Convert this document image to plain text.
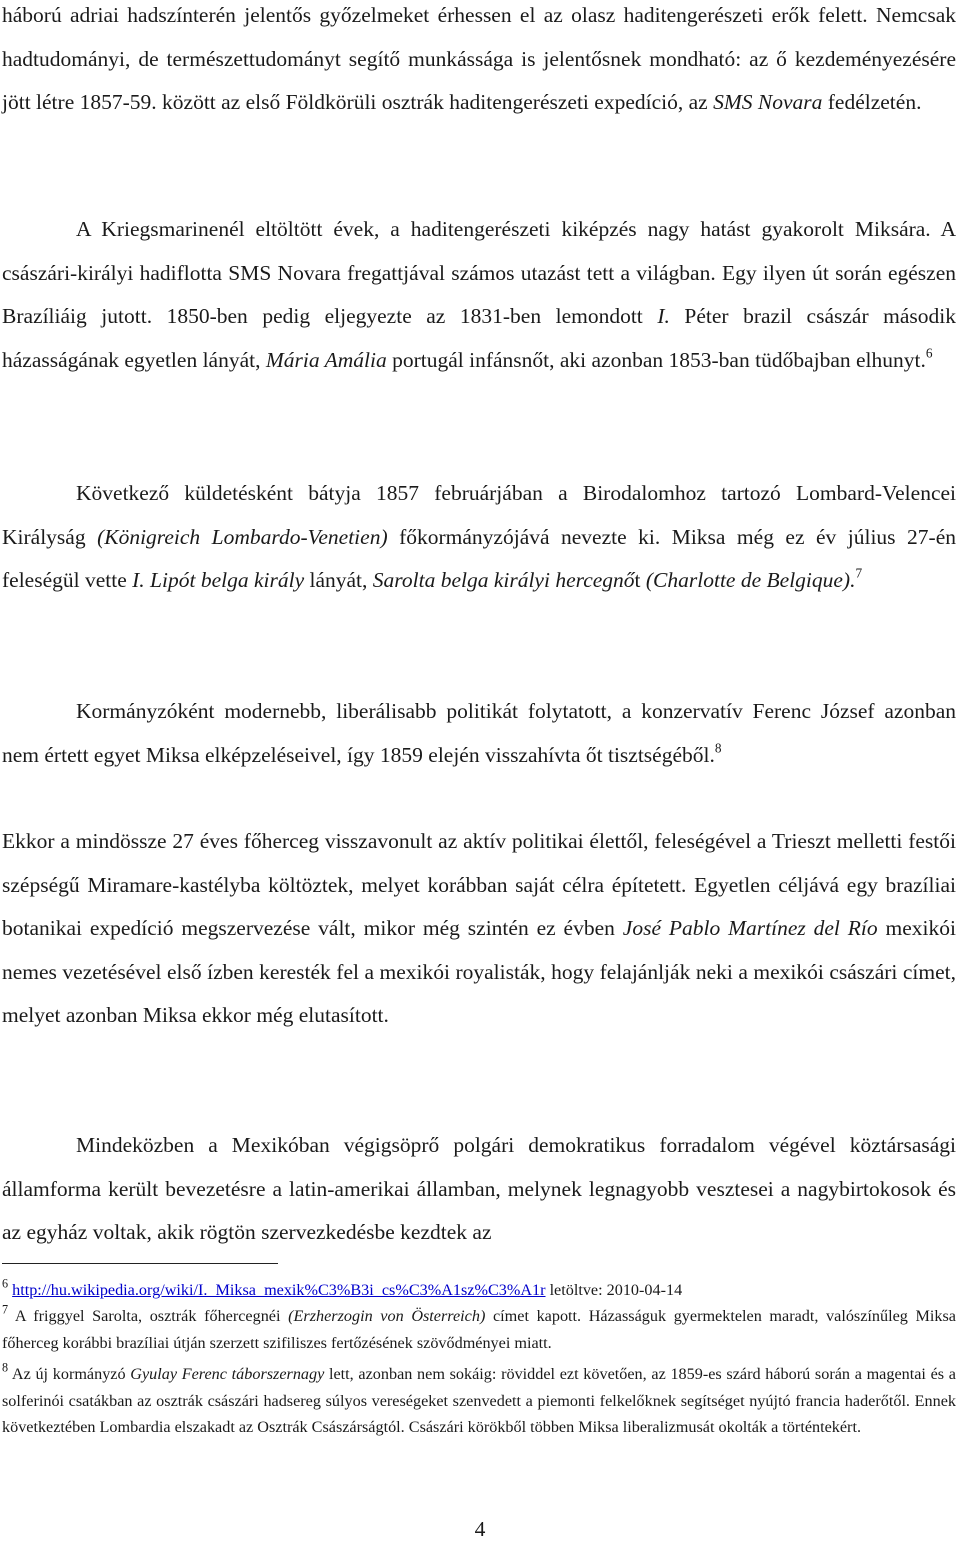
háború adriai hadszínterén jelentős győzelmeket érhessen el az olasz haditengerészeti erők felett. Nemcsak hadtudományi, de természettudományt segítő munkássága is jelentősnek mondható: az ő kezdeményezésére jött létre 1857-59. között az első Földkörüli osztrák haditengerészeti expedíció, az SMS Novara fedélzetén.

A Kriegsmarinenél eltöltött évek, a haditengerészeti kiképzés nagy hatást gyakorolt Miksára. A császári-királyi hadiflotta SMS Novara fregattjával számos utazást tett a világban. Egy ilyen út során egészen Brazíliáig jutott. 1850-ben pedig eljegyezte az 1831-ben lemondott I. Péter brazil császár második házasságának egyetlen lányát, Mária Amália portugál infánsnőt, aki azonban 1853-ban tüdőbajban elhunyt.$^6$

Következő küldetésként bátyja 1857 februárjában a Birodalomhoz tartozó Lombard-Velencei Királyság (Königreich Lombardo-Venetien) főkormányzójává nevezte ki. Miksa még ez év július 27-én feleségül vette I. Lipót belga király lányát, Sarolta belga királyi hercegnőt (Charlotte de Belgique).$^7$

Kormányzóként modernebb, liberálisabb politikát folytatott, a konzervatív Ferenc József azonban nem értett egyet Miksa elképzeléseivel, így 1859 elején visszahívta őt tisztségéből.$^8$

Ekkor a mindössze 27 éves főherceg visszavonult az aktív politikai élettől, feleségével a Trieszt melletti festői szépségű Miramare-kastélyba költöztek, melyet korábban saját célra építetett. Egyetlen céljává egy brazíliai botanikai expedíció megszervezése vált, mikor még szintén ez évben José Pablo Martínez del Río mexikói nemes vezetésével első ízben keresték fel a mexikói royalisták, hogy felajánlják neki a mexikói császári címet, melyet azonban Miksa ekkor még elutasított.

Mindeközben a Mexikóban végigsöprő polgári demokratikus forradalom végével köztársasági államforma került bevezetésre a latin-amerikai államban, melynek legnagyobb vesztesei a nagybirtokosok és az egyház voltak, akik rögtön szervezkedésbe kezdtek az

$^6$ http://hu.wikipedia.org/wiki/I._Miksa_mexik%C3%B3i_cs%C3%A1sz%C3%A1r letöltve: 2010-04-14

$^7$ A friggyel Sarolta, osztrák főhercegnéi (Erzherzogin von Österreich) címet kapott. Házasságuk gyermektelen maradt, valószínűleg Miksa főherceg korábbi brazíliai útján szerzett szifiliszes fertőzésének szövődményei miatt.

$^8$ Az új kormányzó Gyulay Ferenc táborszernagy lett, azonban nem sokáig: röviddel ezt követően, az 1859-es szárd háború során a magentai és a solferinói csatákban az osztrák császári hadsereg súlyos vereségeket szenvedett a piemonti felkelőknek segítséget nyújtó francia haderőtől. Ennek következtében Lombardia elszakadt az Osztrák Császárságtól. Császári körökből többen Miksa liberalizmusát okolták a történtekért.

4
